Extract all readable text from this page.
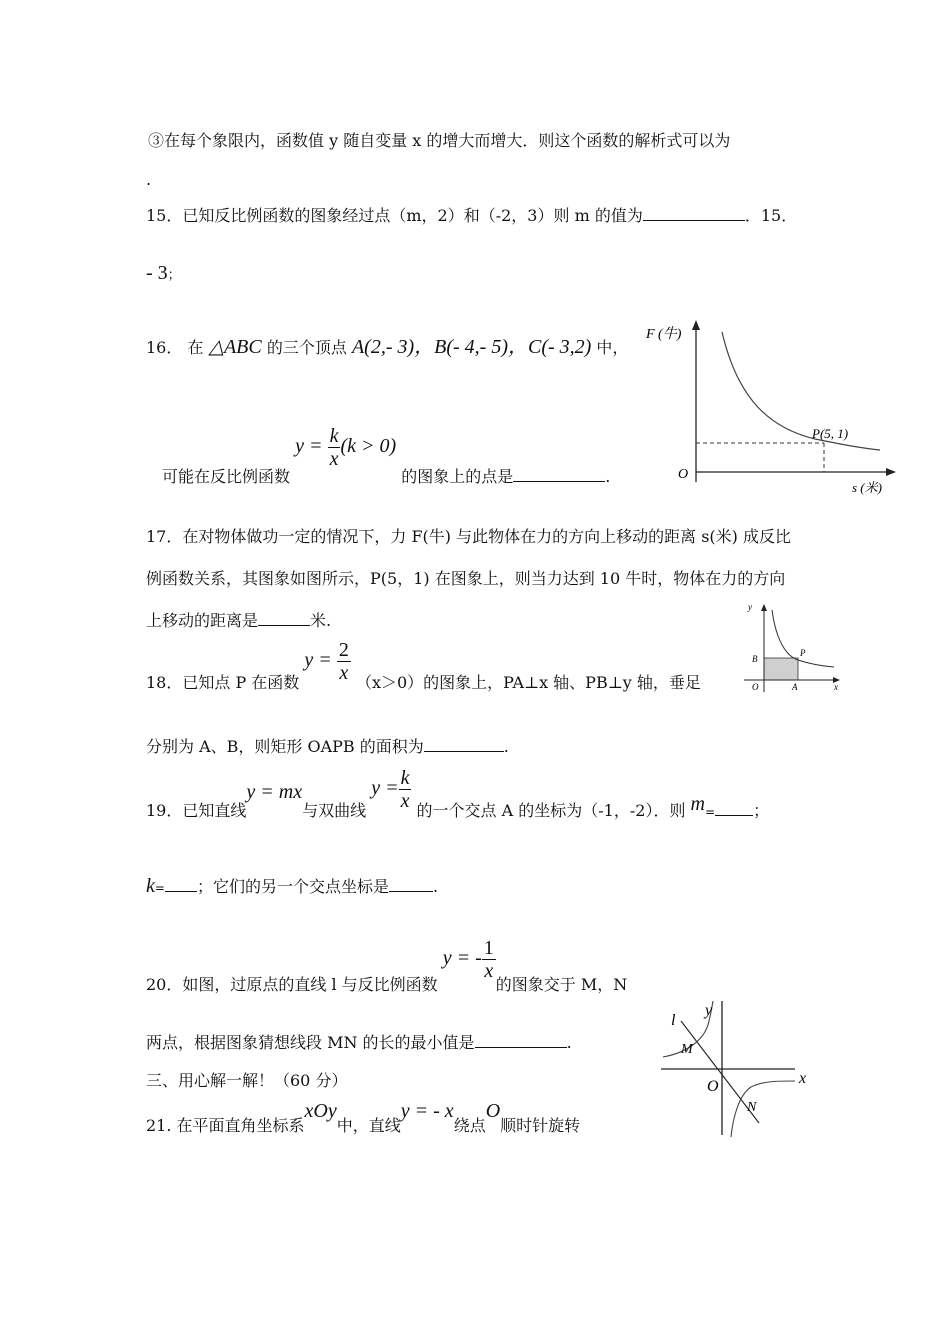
③在每个象限内，函数值 y 随自变量 x 的增大而增大．则这个函数的解析式可以为
.
15．已知反比例函数的图象经过点（m，2）和（-2，3）则 m 的值为	．15．
- 3；
16． 在 △ABC 的三个顶点 A(2,- 3)，B(- 4,- 5)，C(- 3,2) 中，
可能在反比例函数 $y = \frac{k}{x} (k > 0)$ 的图象上的点是	.
F (牛)
s (米)
O
P(5, 1)
17．在对物体做功一定的情况下，力 F(牛) 与此物体在力的方向上移动的距离 s(米) 成反比
例函数关系，其图象如图所示，P(5，1) 在图象上，则当力达到 10 牛时，物体在力的方向
上移动的距离是	米.
y
x
O
B
A
P
18．已知点 P 在函数 $y = \frac{2}{x} (x>0)$的图象上，PA⊥x 轴、PB⊥y 轴，垂足
分别为 A、B，则矩形 OAPB 的面积为	.
19．已知直线y = mx与双曲线 $y = \frac{k}{x}$ 的一个交点 A 的坐标为（-1，-2）．则 $m_=$ ；
k= ；它们的另一个交点坐标是	.
20．如图，过原点的直线 l 与反比例函数 y = - $\frac{1}{x}$
的图象交于 M，N
两点，根据图象猜想线段 MN 的长的最小值是	.
l
y
M
O	x
N
三、用心解一解！（60 分）
21. 在平面直角坐标系xOy中，直线y = - x绕点O顺时针旋转
